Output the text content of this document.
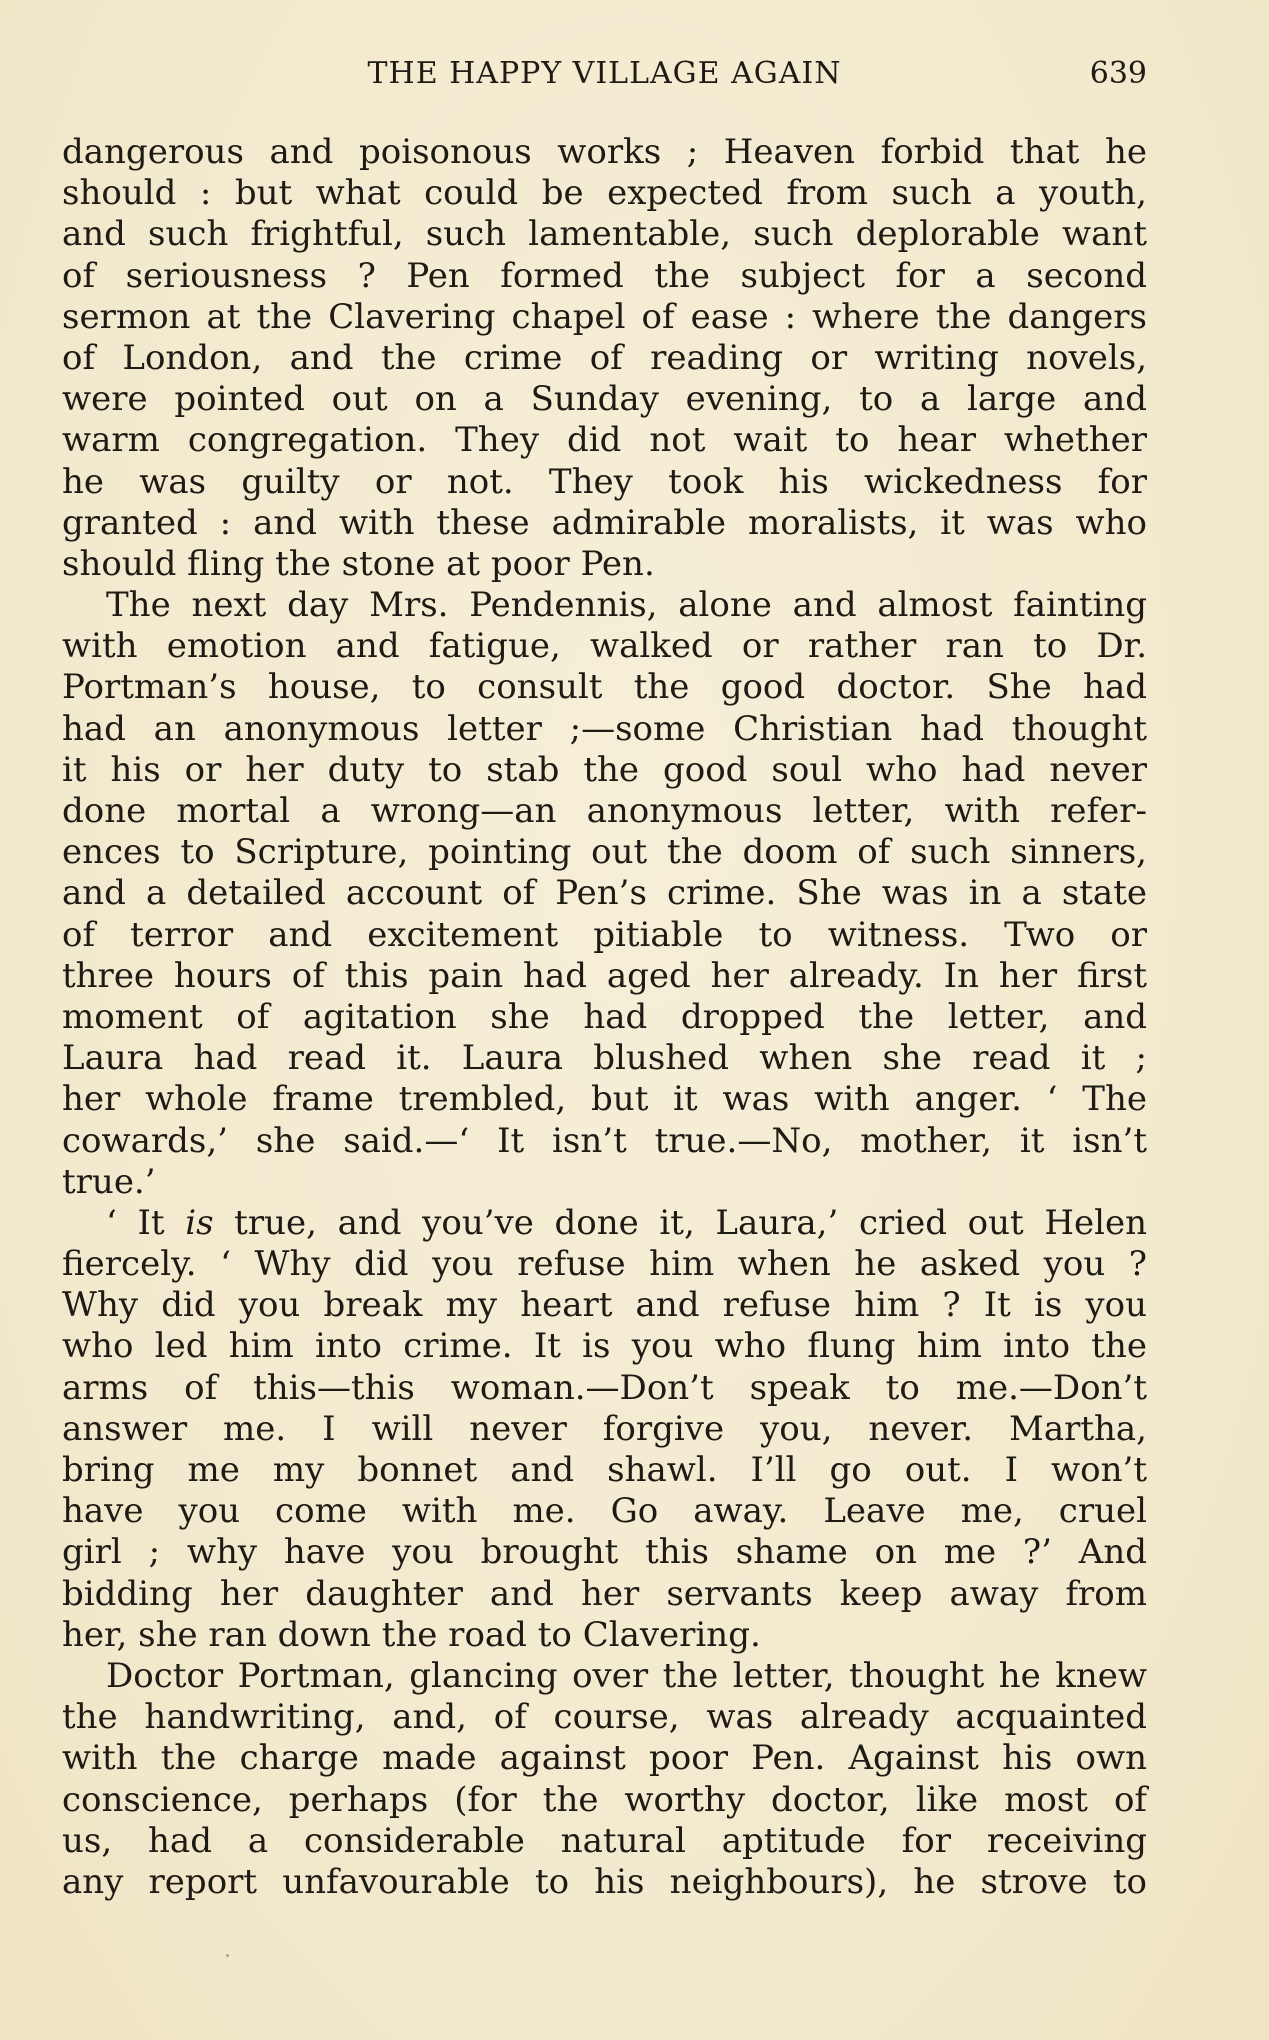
THE HAPPY VILLAGE AGAIN	639
dangerous and poisonous works ; Heaven forbid that he
should : but what could be expected from such a youth,
and such frightful, such lamentable, such deplorable want
of seriousness ? Pen formed the subject for a second
sermon at the Clavering chapel of ease : where the dangers
of London, and the crime of reading or writing novels,
were pointed out on a Sunday evening, to a large and
warm congregation. They did not wait to hear whether
he was guilty or not. They took his wickedness for
granted : and with these admirable moralists, it was who
should fling the stone at poor Pen.
The next day Mrs. Pendennis, alone and almost fainting
with emotion and fatigue, walked or rather ran to Dr.
Portman’s house, to consult the good doctor. She had
had an anonymous letter ;—some Christian had thought
it his or her duty to stab the good soul who had never
done mortal a wrong—an anonymous letter, with refer-
ences to Scripture, pointing out the doom of such sinners,
and a detailed account of Pen’s crime. She was in a state
of terror and excitement pitiable to witness. Two or
three hours of this pain had aged her already. In her first
moment of agitation she had dropped the letter, and
Laura had read it. Laura blushed when she read it ;
her whole frame trembled, but it was with anger. ‘ The
cowards,’ she said.—‘ It isn’t true.—No, mother, it isn’t
true.’
‘ It is true, and you’ve done it, Laura,’ cried out Helen
fiercely. ‘ Why did you refuse him when he asked you ?
Why did you break my heart and refuse him ? It is you
who led him into crime. It is you who flung him into the
arms of this—this woman.—Don’t speak to me.—Don’t
answer me. I will never forgive you, never. Martha,
bring me my bonnet and shawl. I’ll go out. I won’t
have you come with me. Go away. Leave me, cruel
girl ; why have you brought this shame on me ?’ And
bidding her daughter and her servants keep away from
her, she ran down the road to Clavering.
Doctor Portman, glancing over the letter, thought he knew
the handwriting, and, of course, was already acquainted
with the charge made against poor Pen. Against his own
conscience, perhaps (for the worthy doctor, like most of
us, had a considerable natural aptitude for receiving
any report unfavourable to his neighbours), he strove to
